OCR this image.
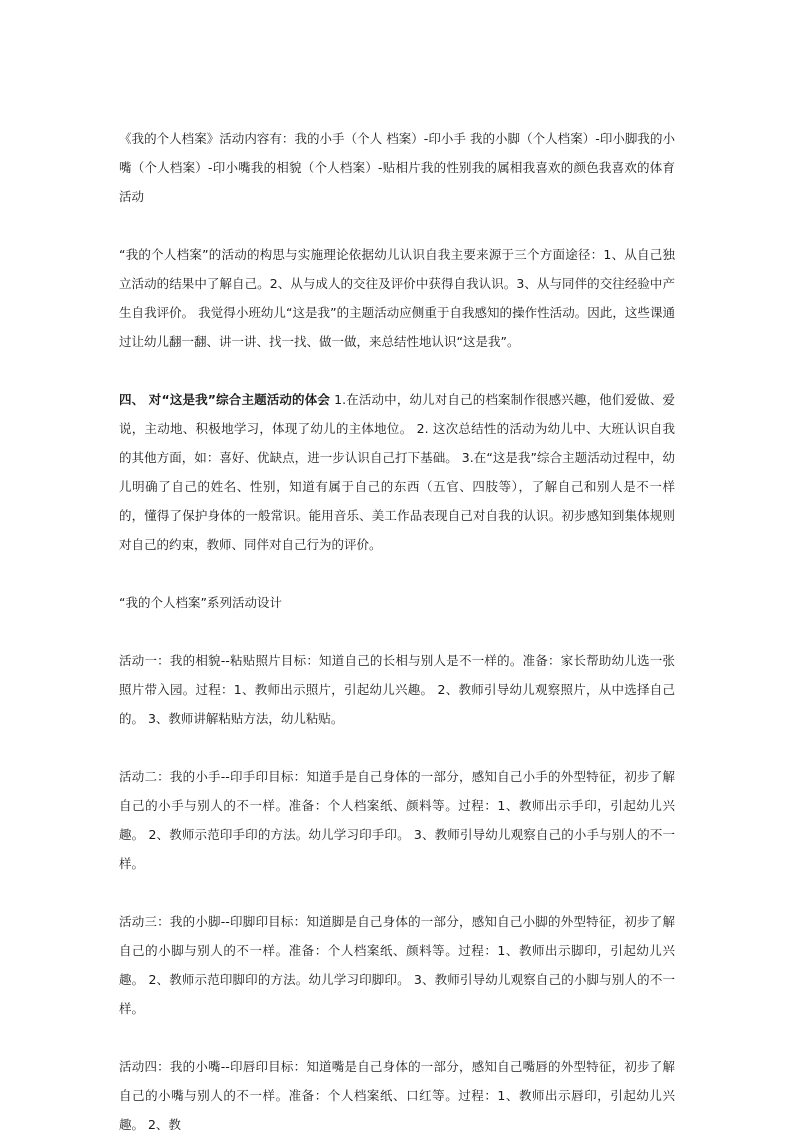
《我的个人档案》活动内容有：我的小手（个人 档案）-印小手 我的小脚（个人档案）-印小脚我的小嘴（个人档案）-印小嘴我的相貌（个人档案）-贴相片我的性别我的属相我喜欢的颜色我喜欢的体育活动

“我的个人档案”的活动的构思与实施理论依据幼儿认识自我主要来源于三个方面途径：1、从自己独立活动的结果中了解自己。2、从与成人的交往及评价中获得自我认识。3、从与同伴的交往经验中产生自我评价。 我觉得小班幼儿“这是我”的主题活动应侧重于自我感知的操作性活动。因此，这些课通过让幼儿翻一翻、讲一讲、找一找、做一做，来总结性地认识“这是我”。

四、 对“这是我”综合主题活动的体会 1.在活动中，幼儿对自己的档案制作很感兴趣，他们爱做、爱说，主动地、积极地学习，体现了幼儿的主体地位。 2. 这次总结性的活动为幼儿中、大班认识自我的其他方面，如：喜好、优缺点，进一步认识自己打下基础。 3.在“这是我”综合主题活动过程中，幼儿明确了自己的姓名、性别，知道有属于自己的东西（五官、四肢等），了解自己和别人是不一样的，懂得了保护身体的一般常识。能用音乐、美工作品表现自己对自我的认识。初步感知到集体规则对自己的约束，教师、同伴对自己行为的评价。

“我的个人档案”系列活动设计

活动一：我的相貌--粘贴照片目标：知道自己的长相与别人是不一样的。准备：家长帮助幼儿选一张照片带入园。过程：1、教师出示照片，引起幼儿兴趣。 2、教师引导幼儿观察照片，从中选择自己的。 3、教师讲解粘贴方法，幼儿粘贴。

活动二：我的小手--印手印目标：知道手是自己身体的一部分，感知自己小手的外型特征，初步了解自己的小手与别人的不一样。准备：个人档案纸、颜料等。过程：1、教师出示手印，引起幼儿兴趣。 2、教师示范印手印的方法。幼儿学习印手印。 3、教师引导幼儿观察自己的小手与别人的不一样。

活动三：我的小脚--印脚印目标：知道脚是自己身体的一部分，感知自己小脚的外型特征，初步了解自己的小脚与别人的不一样。准备：个人档案纸、颜料等。过程：1、教师出示脚印，引起幼儿兴趣。 2、教师示范印脚印的方法。幼儿学习印脚印。 3、教师引导幼儿观察自己的小脚与别人的不一样。

活动四：我的小嘴--印唇印目标：知道嘴是自己身体的一部分，感知自己嘴唇的外型特征，初步了解自己的小嘴与别人的不一样。准备：个人档案纸、口红等。过程：1、教师出示唇印，引起幼儿兴趣。 2、教
